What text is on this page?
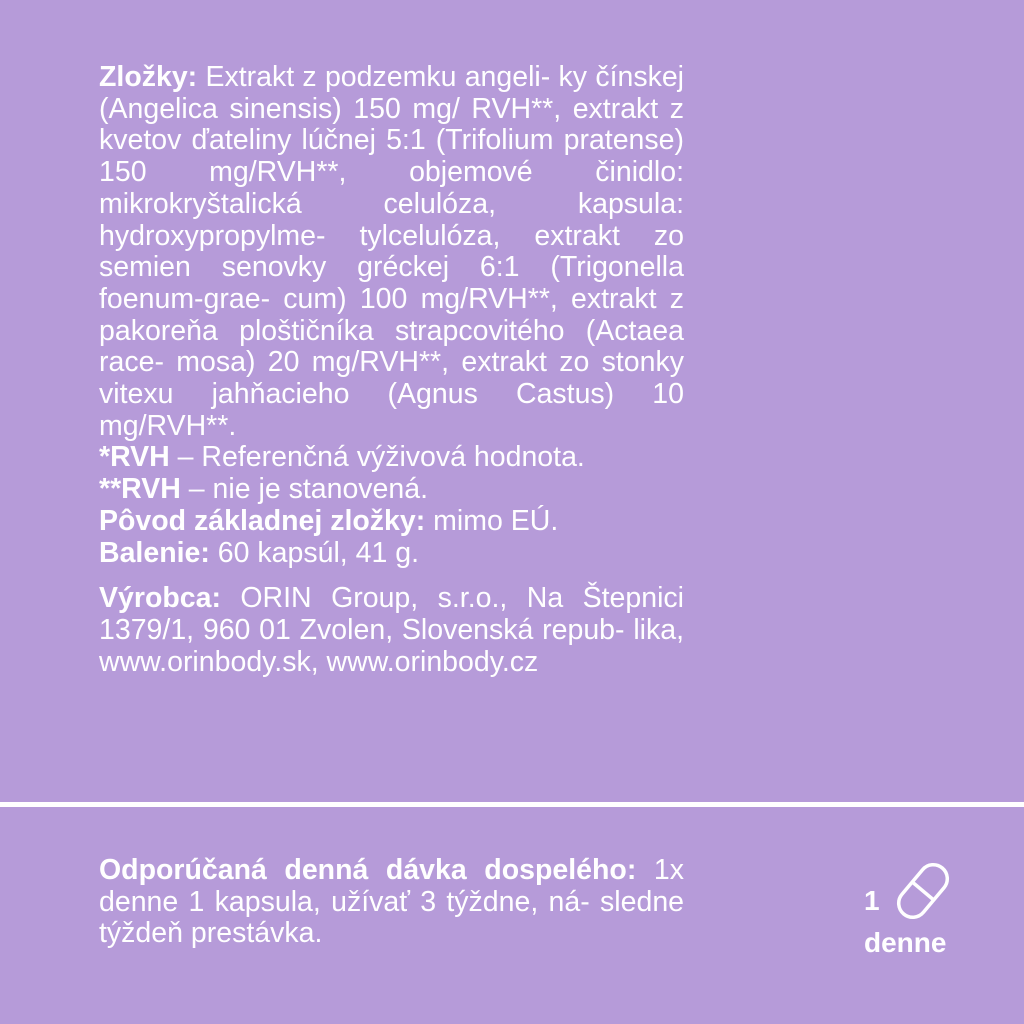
Zložky: Extrakt z podzemku angeli- ky čínskej (Angelica sinensis) 150 mg/ RVH**, extrakt z kvetov ďateliny lúčnej 5:1 (Trifolium pratense) 150 mg/RVH**, objemové činidlo: mikrokryštalická	celulóza, kapsula: hydroxypropylme- tylcelulóza, extrakt zo semien senovky gréckej 6:1 (Trigonella foenum-grae- cum) 100 mg/RVH**, extrakt z pakoreňa ploštičníka strapcovitého (Actaea race- mosa) 20 mg/RVH**, extrakt zo stonky vitexu jahňacieho (Agnus Castus) 10 mg/RVH**.

*RVH – Referenčná výživová hodnota.

**RVH – nie je stanovená.

Pôvod základnej zložky: mimo EÚ.

Balenie: 60 kapsúl, 41 g.

Výrobca: ORIN Group, s.r.o., Na Štepnici 1379/1, 960 01 Zvolen, Slovenská repub- lika, www.orinbody.sk, www.orinbody.cz

Odporúčaná denná dávka dospelého: 1x denne 1 kapsula, užívať 3 týždne, ná- sledne týždeň prestávka.

1
denne
